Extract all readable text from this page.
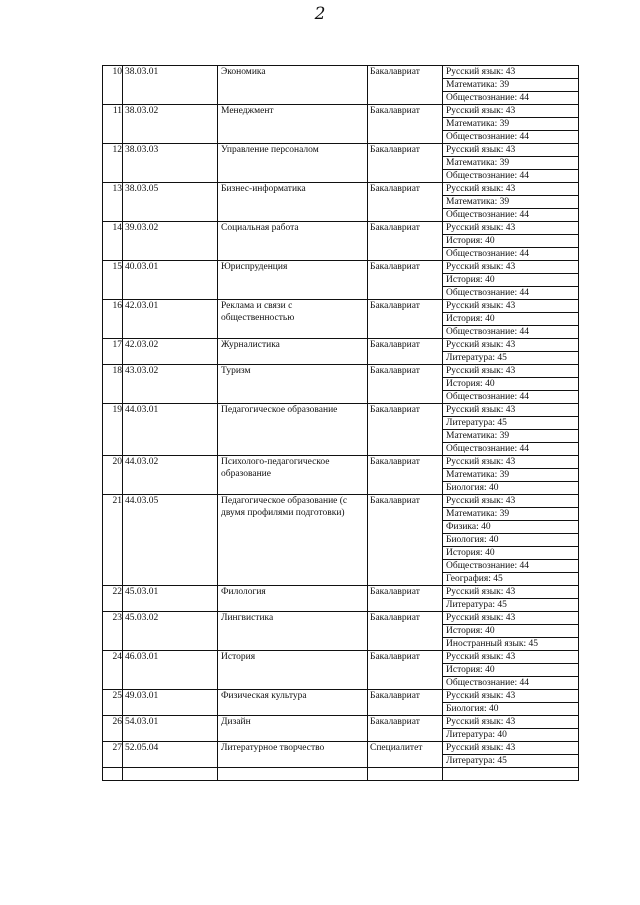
2
10	38.03.01	Экономика	Бакалавриат	Русский язык: 43
				Математика: 39
				Обществознание: 44
11	38.03.02	Менеджмент	Бакалавриат	Русский язык: 43
				Математика: 39
				Обществознание: 44
12	38.03.03	Управление персоналом	Бакалавриат	Русский язык: 43
				Математика: 39
				Обществознание: 44
13	38.03.05	Бизнес-информатика	Бакалавриат	Русский язык: 43
				Математика: 39
				Обществознание: 44
14	39.03.02	Социальная работа	Бакалавриат	Русский язык: 43
				История: 40
				Обществознание: 44
15	40.03.01	Юриспруденция	Бакалавриат	Русский язык: 43
				История: 40
				Обществознание: 44
16	42.03.01	Реклама и связи с общественностью	Бакалавриат	Русский язык: 43
				История: 40
				Обществознание: 44
17	42.03.02	Журналистика	Бакалавриат	Русский язык: 43
				Литература: 45
18	43.03.02	Туризм	Бакалавриат	Русский язык: 43
				История: 40
				Обществознание: 44
19	44.03.01	Педагогическое образование	Бакалавриат	Русский язык: 43
				Литература: 45
				Математика: 39
				Обществознание: 44
20	44.03.02	Психолого-педагогическое образование	Бакалавриат	Русский язык: 43
				Математика: 39
				Биология: 40
21	44.03.05	Педагогическое образование (с двумя профилями подготовки)	Бакалавриат	Русский язык: 43
				Математика: 39
				Физика: 40
				Биология: 40
				История: 40
				Обществознание: 44
				География: 45
22	45.03.01	Филология	Бакалавриат	Русский язык: 43
				Литература: 45
23	45.03.02	Лингвистика	Бакалавриат	Русский язык: 43
				История: 40
				Иностранный язык: 45
24	46.03.01	История	Бакалавриат	Русский язык: 43
				История: 40
				Обществознание: 44
25	49.03.01	Физическая культура	Бакалавриат	Русский язык: 43
				Биология: 40
26	54.03.01	Дизайн	Бакалавриат	Русский язык: 43
				Литература: 40
27	52.05.04	Литературное творчество	Специалитет	Русский язык: 43
				Литература: 45
